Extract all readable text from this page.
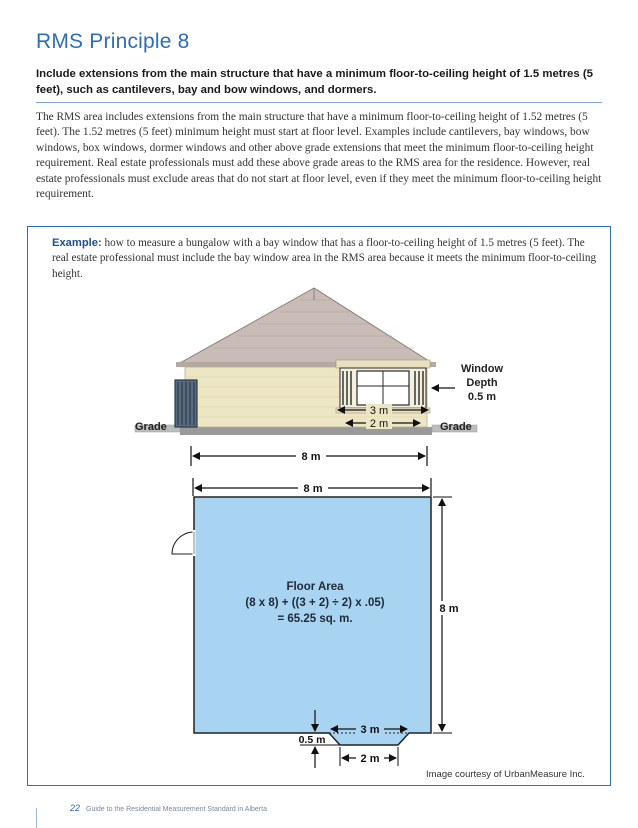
RMS Principle 8
Include extensions from the main structure that have a minimum floor-to-ceiling height of 1.5 metres (5 feet), such as cantilevers, bay and bow windows, and dormers.
The RMS area includes extensions from the main structure that have a minimum floor-to-ceiling height of 1.52 metres (5 feet). The 1.52 metres (5 feet) minimum height must start at floor level. Examples include cantilevers, bay windows, bow windows, box windows, dormer windows and other above grade extensions that meet the minimum floor-to-ceiling height requirement. Real estate professionals must add these above grade areas to the RMS area for the residence. However, real estate professionals must exclude areas that do not start at floor level, even if they meet the minimum floor-to-ceiling height requirement.
Example: how to measure a bungalow with a bay window that has a floor-to-ceiling height of 1.5 metres (5 feet). The real estate professional must include the bay window area in the RMS area because it meets the minimum floor-to-ceiling height.
3 m
2 m
Window
Depth
0.5 m
Grade	Grade
8 m
8 m
8 m
Floor Area
(8 x 8) + ((3 + 2) ÷ 2) x .05)
= 65.25 sq. m.
3 m
2 m
0.5 m
Image courtesy of UrbanMeasure Inc.
22 Guide to the Residential Measurement Standard in Alberta
